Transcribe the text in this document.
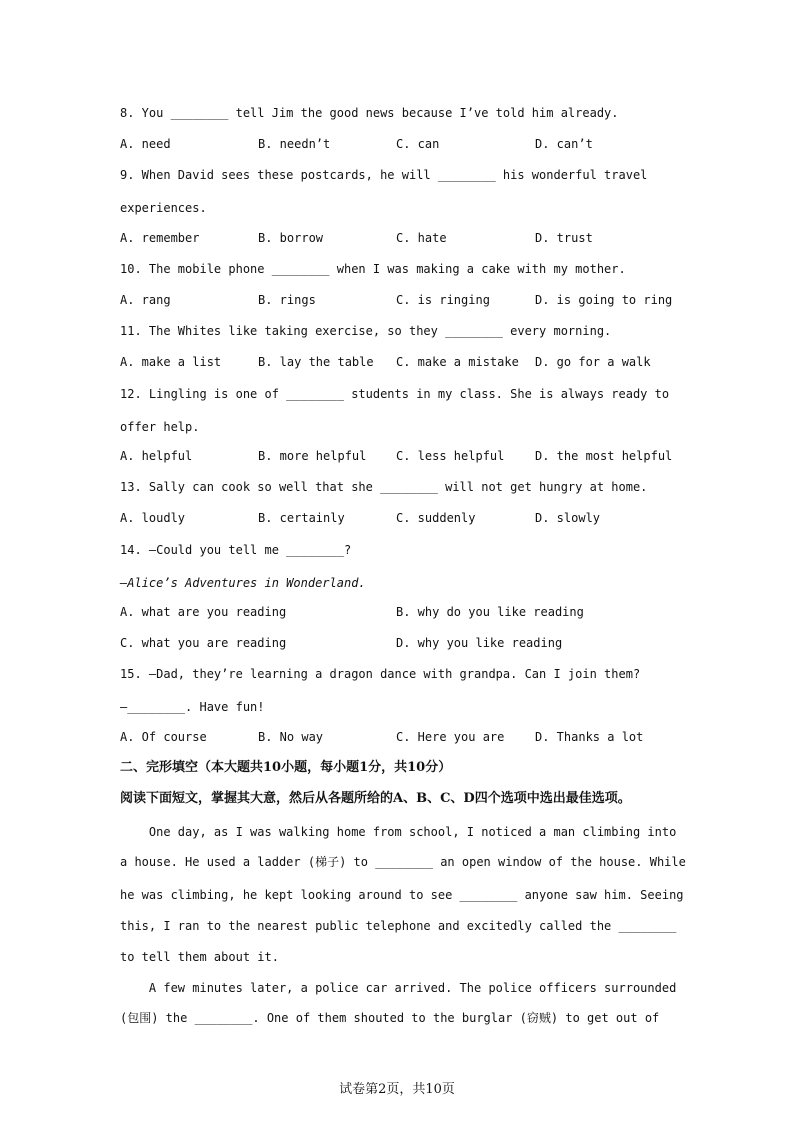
8. You ________ tell Jim the good news because I’ve told him already.
A. need	B. needn’t	C. can	D. can’t
9. When David sees these postcards, he will ________ his wonderful travel
experiences.
A. remember	B. borrow	C. hate	D. trust
10. The mobile phone ________ when I was making a cake with my mother.
A. rang	B. rings	C. is ringing	D. is going to ring
11. The Whites like taking exercise, so they ________ every morning.
A. make a list	B. lay the table C. make a mistake D. go for a walk
12. Lingling is one of ________ students in my class. She is always ready to
offer help.
A. helpful	B. more helpful C. less helpful	D. the most helpful
13. Sally can cook so well that she ________ will not get hungry at home.
A. loudly	B. certainly	C. suddenly	D. slowly
14. —Could you tell me ________?
—Alice’s Adventures in Wonderland.
A. what are you reading	B. why do you like reading
C. what you are reading	D. why you like reading
15. —Dad, they’re learning a dragon dance with grandpa. Can I join them?
—________. Have fun!
A. Of course	B. No way	C. Here you are	D. Thanks a lot
二、完形填空（本大题共10小题，每小题1分，共10分）
阅读下面短文，掌握其大意，然后从各题所给的A、B、C、D四个选项中选出最佳选项。
One day, as I was walking home from school, I noticed a man climbing into
a house. He used a ladder (梯子) to ________ an open window of the house. While
he was climbing, he kept looking around to see ________ anyone saw him. Seeing
this, I ran to the nearest public telephone and excitedly called the ________
to tell them about it.
A few minutes later, a police car arrived. The police officers surrounded
(包围) the ________. One of them shouted to the burglar (窃贼) to get out of
试卷第2页，共10页
